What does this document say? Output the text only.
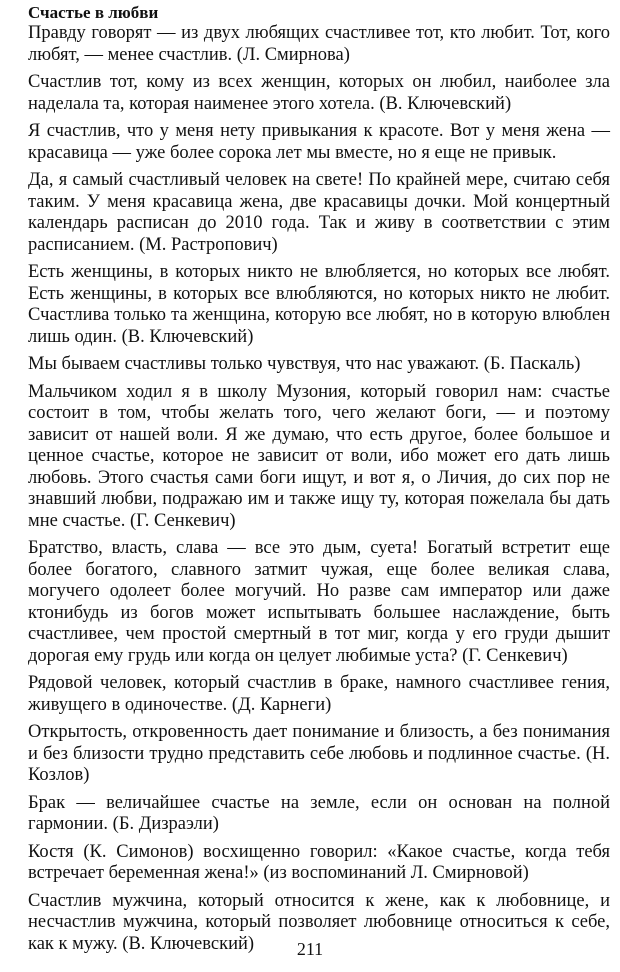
Счастье в любви

Правду говорят — из двух любящих счастливее тот, кто любит. Тот, кого любят, — менее счастлив. (Л. Смирнова)

Счастлив тот, кому из всех женщин, которых он любил, наиболее зла наделала та, которая наименее этого хотела. (В. Ключевский)

Я счастлив, что у меня нету привыкания к красоте. Вот у меня жена — красавица — уже более сорока лет мы вместе, но я еще не привык.

Да, я самый счастливый человек на свете! По крайней мере, считаю себя таким. У меня красавица жена, две красавицы дочки. Мой концертный календарь расписан до 2010 года. Так и живу в соответствии с этим расписанием. (М. Растропович)

Есть женщины, в которых никто не влюбляется, но которых все любят. Есть женщины, в которых все влюбляются, но которых никто не любит. Счастлива только та женщина, которую все любят, но в которую влюблен лишь один. (В. Ключевский)

Мы бываем счастливы только чувствуя, что нас уважают. (Б. Паскаль)

Мальчиком ходил я в школу Музония, который говорил нам: счастье состоит в том, чтобы желать того, чего желают боги, — и поэтому зависит от нашей воли. Я же думаю, что есть другое, более большое и ценное счастье, которое не зависит от воли, ибо может его дать лишь любовь. Этого счастья сами боги ищут, и вот я, о Личия, до сих пор не знавший любви, подражаю им и также ищу ту, которая пожелала бы дать мне счастье. (Г. Сенкевич)

Братство, власть, слава — все это дым, суета! Богатый встретит еще более богатого, славного затмит чужая, еще более великая слава, могучего одолеет более могучий. Но разве сам император или даже ктонибудь из богов может испытывать большее наслаждение, быть счастливее, чем простой смертный в тот миг, когда у его груди дышит дорогая ему грудь или когда он целует любимые уста? (Г. Сенкевич)

Рядовой человек, который счастлив в браке, намного счастливее гения, живущего в одиночестве. (Д. Карнеги)

Открытость, откровенность дает понимание и близость, а без понимания и без близости трудно представить себе любовь и подлинное счастье. (Н. Козлов)

Брак — величайшее счастье на земле, если он основан на полной гармонии. (Б. Дизраэли)

Костя (К. Симонов) восхищенно говорил: «Какое счастье, когда тебя встречает беременная жена!» (из воспоминаний Л. Смирновой)

Счастлив мужчина, который относится к жене, как к любовнице, и несчастлив мужчина, который позволяет любовнице относиться к себе, как к мужу. (В. Ключевский)	211
